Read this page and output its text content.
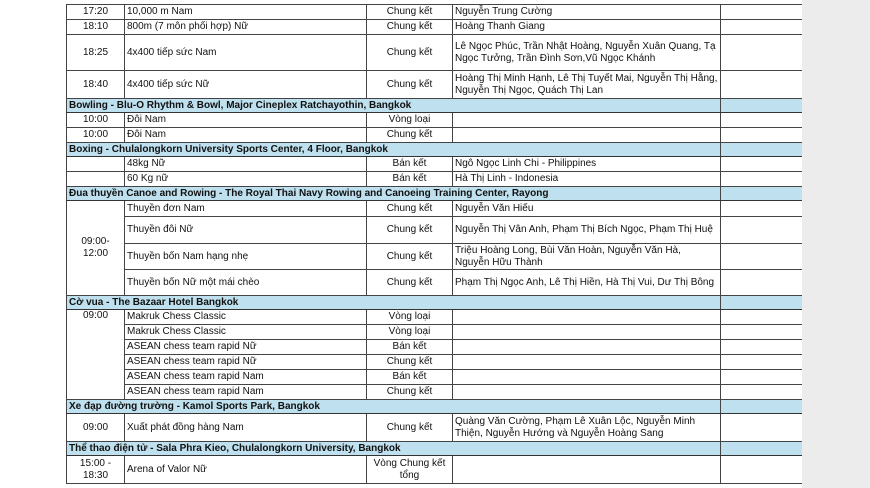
17:20	10,000 m Nam	Chung kết	Nguyễn Trung Cường	
18:10	800m (7 môn phối hợp) Nữ	Chung kết	Hoàng Thanh Giang	
18:25	4x400 tiếp sức Nam	Chung kết	Lê Ngọc Phúc, Trần Nhật Hoàng, Nguyễn Xuân Quang, Tạ Ngọc Tưởng, Trần Đình Sơn,Vũ Ngọc Khánh	
18:40	4x400 tiếp sức Nữ	Chung kết	Hoàng Thị Minh Hạnh, Lê Thị Tuyết Mai, Nguyễn Thị Hằng, Nguyễn Thị Ngọc, Quách Thị Lan	
Bowling - Blu-O Rhythm & Bowl, Major Cineplex Ratchayothin, Bangkok				
10:00	Đôi Nam	Vòng loại		
10:00	Đôi Nam	Chung kết		
Boxing - Chulalongkorn University Sports Center, 4 Floor, Bangkok				
	48kg Nữ	Bán kết	Ngô Ngọc Linh Chi - Philippines	
	60 Kg nữ	Bán kết	Hà Thị Linh - Indonesia	
Đua thuyền Canoe and Rowing - The Royal Thai Navy Rowing and Canoeing Training Center, Rayong				
09:00-12:00	Thuyền đơn Nam	Chung kết	Nguyễn Văn Hiếu	
	Thuyền đôi Nữ	Chung kết	Nguyễn Thị Vân Anh, Phạm Thị Bích Ngọc, Phạm Thị Huệ	
	Thuyền bốn Nam hạng nhẹ	Chung kết	Triệu Hoàng Long, Bùi Văn Hoàn, Nguyễn Văn Hà, Nguyễn Hữu Thành	
	Thuyền bốn Nữ một mái chèo	Chung kết	Phạm Thị Ngọc Anh, Lê Thị Hiền, Hà Thị Vui, Dư Thị Bông	
Cờ vua - The Bazaar Hotel Bangkok				
09:00	Makruk Chess Classic	Vòng loại		
	Makruk Chess Classic	Vòng loại		
	ASEAN chess team rapid Nữ	Bán kết		
	ASEAN chess team rapid Nữ	Chung kết		
	ASEAN chess team rapid Nam	Bán kết		
	ASEAN chess team rapid Nam	Chung kết		
Xe đạp đường trường - Kamol Sports Park, Bangkok				
09:00	Xuất phát đồng hàng Nam	Chung kết	Quàng Văn Cường, Phạm Lê Xuân Lộc, Nguyễn Minh Thiện, Nguyễn Hướng và Nguyễn Hoàng Sang	
Thể thao điện tử - Sala Phra Kieo, Chulalongkorn University, Bangkok				
15:00 - 18:30	Arena of Valor Nữ	Vòng Chung kết tổng		
